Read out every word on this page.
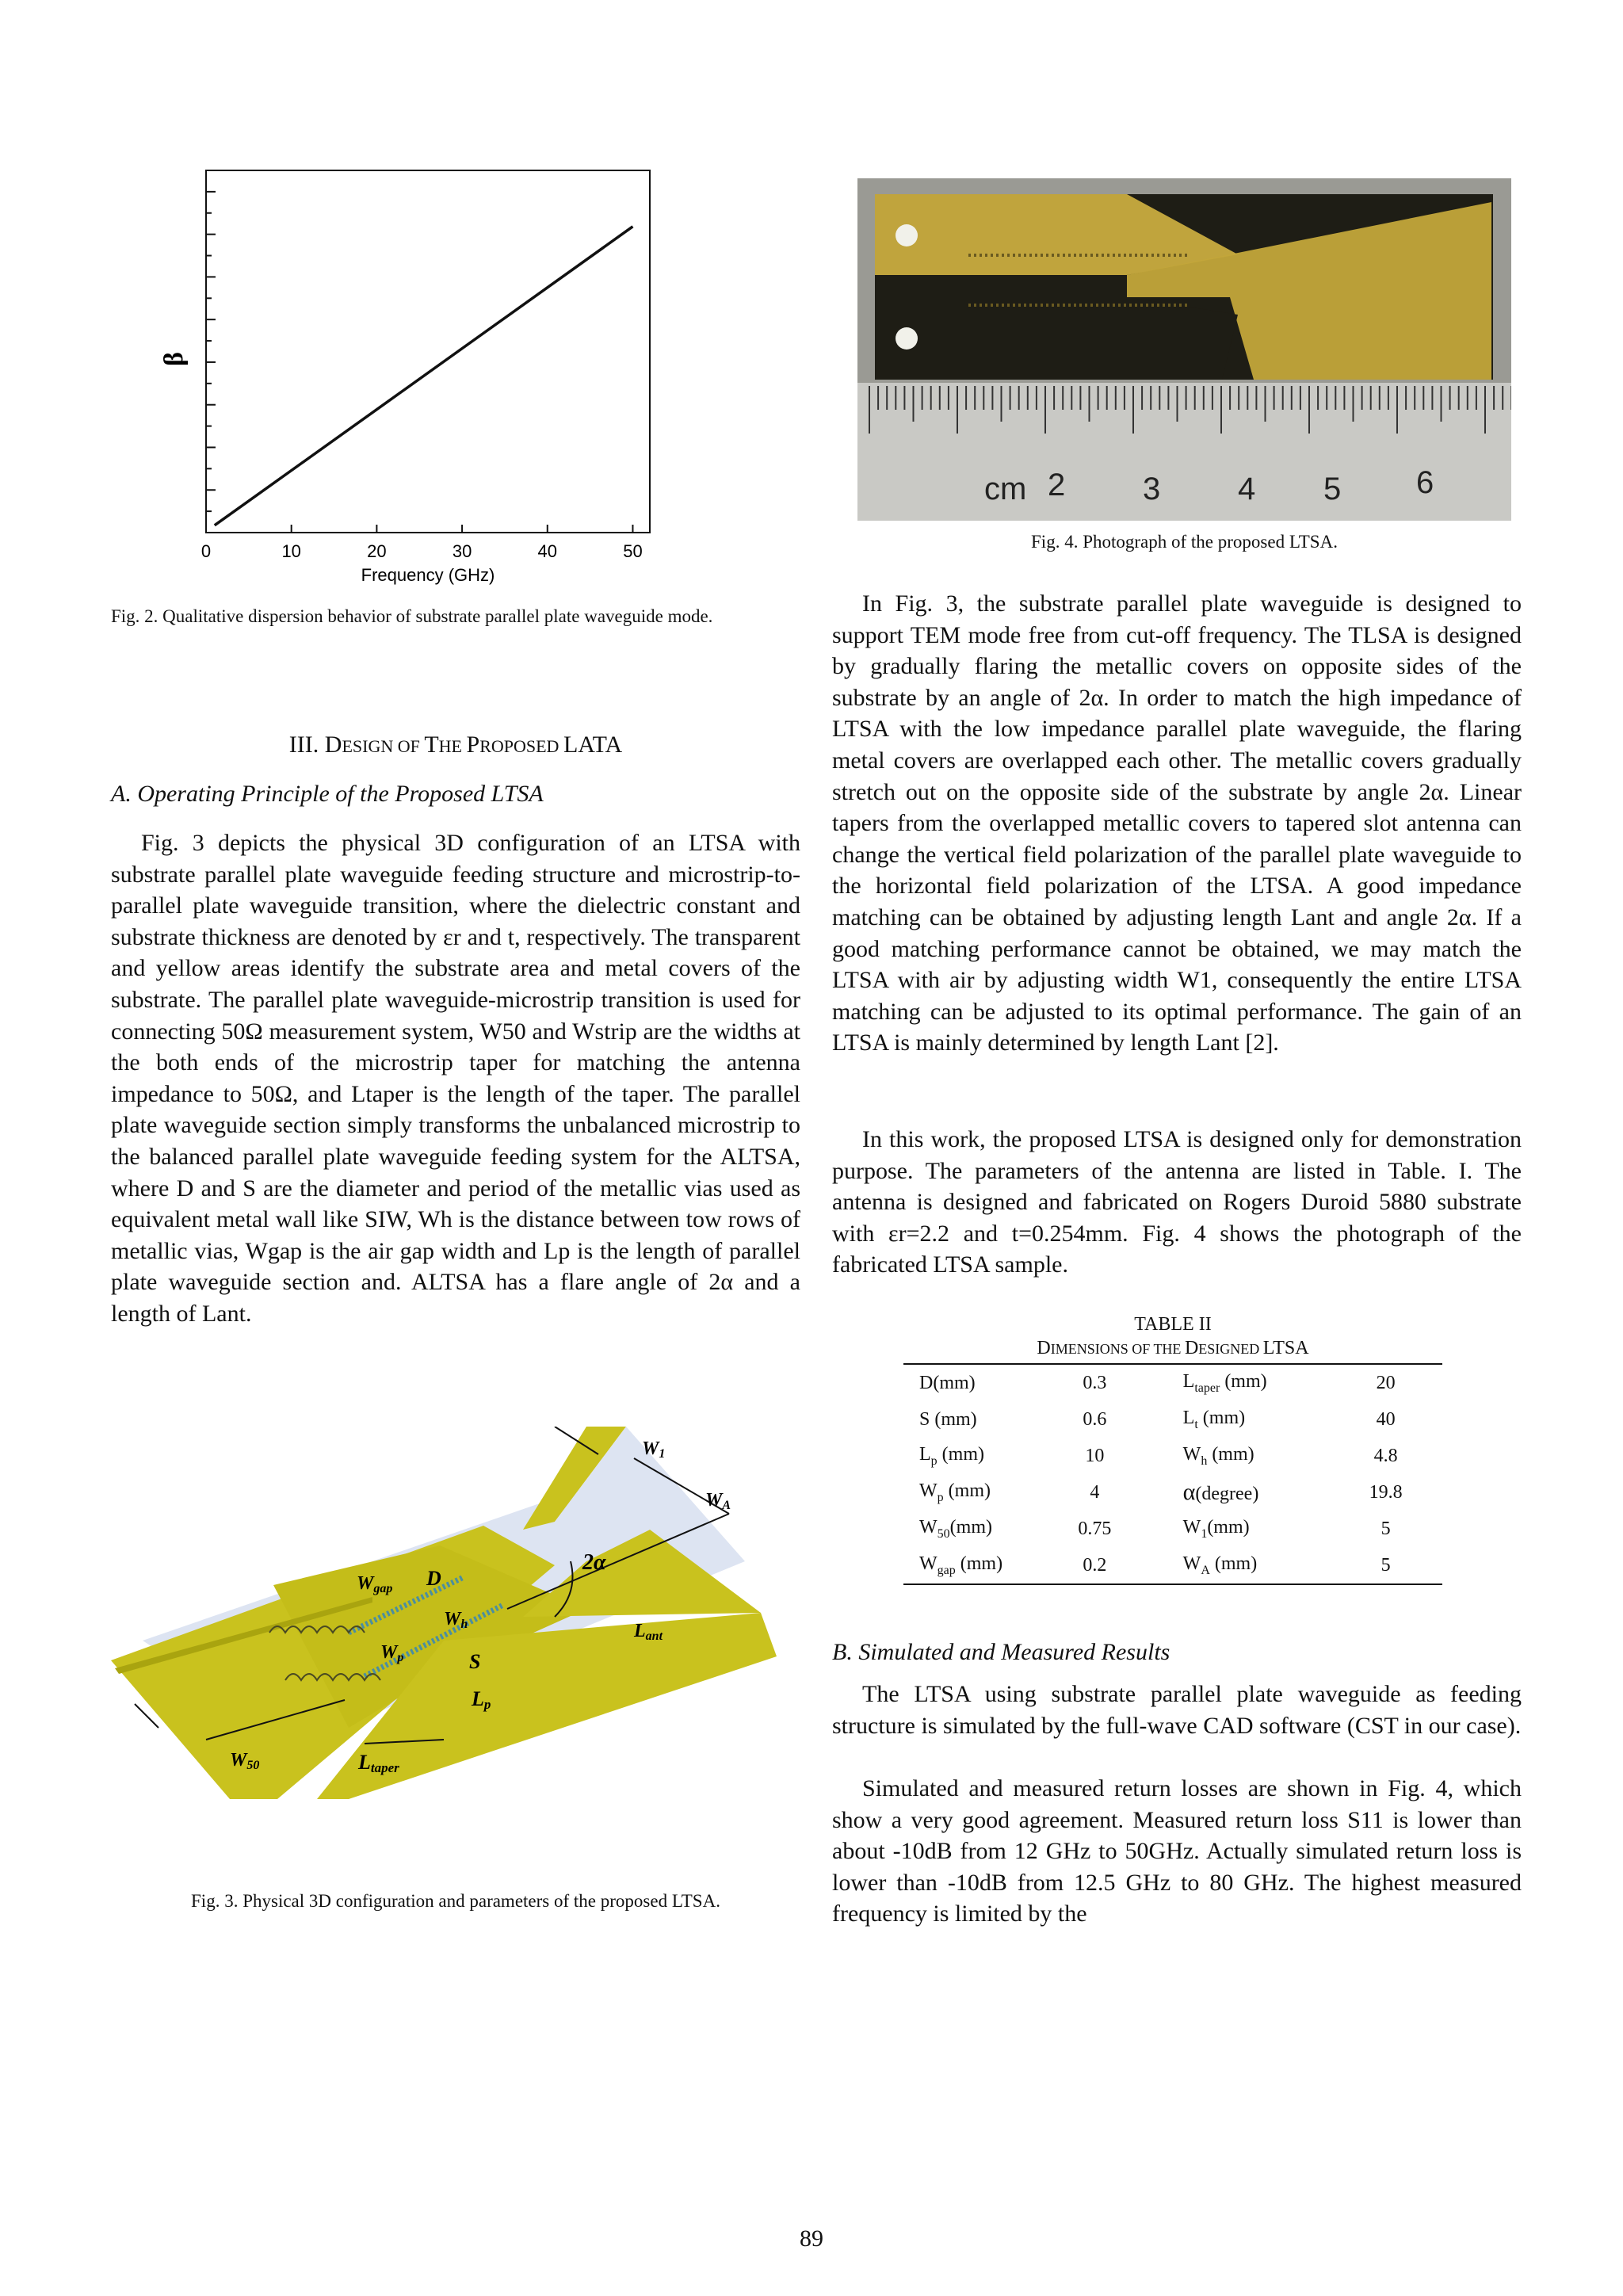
0	10	20	30	40	50
β
Frequency (GHz)
Fig. 2. Qualitative dispersion behavior of substrate parallel plate waveguide mode.
cm 2 3 4 5 6
Fig. 4. Photograph of the proposed LTSA.
III. DESIGN OF THE PROPOSED LATA
A. Operating Principle of the Proposed LTSA

Fig. 3 depicts the physical 3D configuration of an LTSA with substrate parallel plate waveguide feeding structure and microstrip-to-parallel plate waveguide transition, where the dielectric constant and substrate thickness are denoted by εr and t, respectively. The transparent and yellow areas identify the substrate area and metal covers of the substrate. The parallel plate waveguide-microstrip transition is used for connecting 50Ω measurement system, W50 and Wstrip are the widths at the both ends of the microstrip taper for matching the antenna impedance to 50Ω, and Ltaper is the length of the taper. The parallel plate waveguide section simply transforms the unbalanced microstrip to the balanced parallel plate waveguide feeding system for the ALTSA, where D and S are the diameter and period of the metallic vias used as equivalent metal wall like SIW, Wh is the distance between tow rows of metallic vias, Wgap is the air gap width and Lp is the length of parallel plate waveguide section and. ALTSA has a flare angle of 2α and a length of Lant.

W1
WA
2α
Wgap D
Wh	Lant
Wp	S
Lp
W50	Ltaper
Fig. 3. Physical 3D configuration and parameters of the proposed LTSA.

In Fig. 3, the substrate parallel plate waveguide is designed to support TEM mode free from cut-off frequency. The TLSA is designed by gradually flaring the metallic covers on opposite sides of the substrate by an angle of 2α. In order to match the high impedance of LTSA with the low impedance parallel plate waveguide, the flaring metal covers are overlapped each other. The metallic covers gradually stretch out on the opposite side of the substrate by angle 2α. Linear tapers from the overlapped metallic covers to tapered slot antenna can change the vertical field polarization of the parallel plate waveguide to the horizontal field polarization of the LTSA. A good impedance matching can be obtained by adjusting length Lant and angle 2α. If a good matching performance cannot be obtained, we may match the LTSA with air by adjusting width W1, consequently the entire LTSA matching can be adjusted to its optimal performance. The gain of an LTSA is mainly determined by length Lant [2].

In this work, the proposed LTSA is designed only for demonstration purpose. The parameters of the antenna are listed in Table. I. The antenna is designed and fabricated on Rogers Duroid 5880 substrate with εr=2.2 and t=0.254mm. Fig. 4 shows the photograph of the fabricated LTSA sample.

TABLE II
DIMENSIONS OF THE DESIGNED LTSA
D(mm)	0.3	$L_{taper}$ (mm)	20
S (mm)	0.6	$L_t$ (mm)	40
$L_p$ (mm)	10	$W_h$ (mm)	4.8
$W_p$ (mm)	4	α(degree)	19.8
$W_{50}(mm)$	0.75	$W_1(mm)$	5
$W_{gap}$ (mm)	0.2	$W_A$ (mm)	5
B. Simulated and Measured Results

The LTSA using substrate parallel plate waveguide as feeding structure is simulated by the full-wave CAD software (CST in our case).

Simulated and measured return losses are shown in Fig. 4, which show a very good agreement. Measured return loss S11 is lower than about -10dB from 12 GHz to 50GHz. Actually simulated return loss is lower than -10dB from 12.5 GHz to 80 GHz. The highest measured frequency is limited by the

89
